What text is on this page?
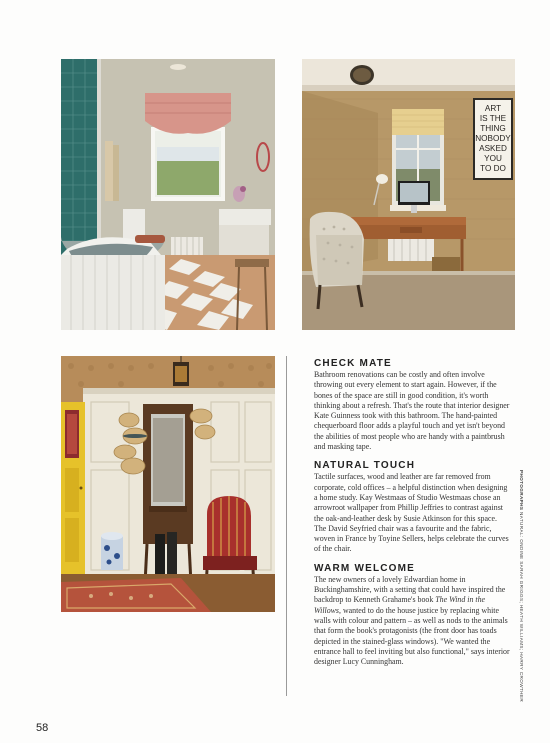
ART IS THE THING NOBODY ASKED YOU TO DO
CHECK MATE

Bathroom renovations can be costly and often involve throwing out every element to start again. However, if the bones of the space are still in good condition, it's worth thinking about a refresh. That's the route that interior designer Kate Guinness took with this bathroom. The hand-painted chequerboard floor adds a playful touch and yet isn't beyond the abilities of most people who are handy with a paintbrush and masking tape.

NATURAL TOUCH

Tactile surfaces, wood and leather are far removed from corporate, cold offices – a helpful distinction when designing a home study. Kay Westmaas of Studio Westmaas chose an arrowroot wallpaper from Phillip Jeffries to contrast against the oak-and-leather desk by Susie Atkinson for this space. The David Seyfried chair was a favourite and the fabric, woven in France by Toyine Sellers, helps celebrate the curves of the chair.

WARM WELCOME

The new owners of a lovely Edwardian home in Buckinghamshire, with a setting that could have inspired the backdrop to Kenneth Grahame's book The Wind in the Willows, wanted to do the house justice by replacing white walls with colour and pattern – as well as nods to the animals that form the book's protagonists (the front door has toads depicted in the stained-glass windows). "We wanted the entrance hall to feel inviting but also functional," says interior designer Lucy Cunningham.

PHOTOGRAPHS NATURAL: ONDINE SARAH GRIGGS; HEATH WILLIAMS; HARRY CROWTHER
58
